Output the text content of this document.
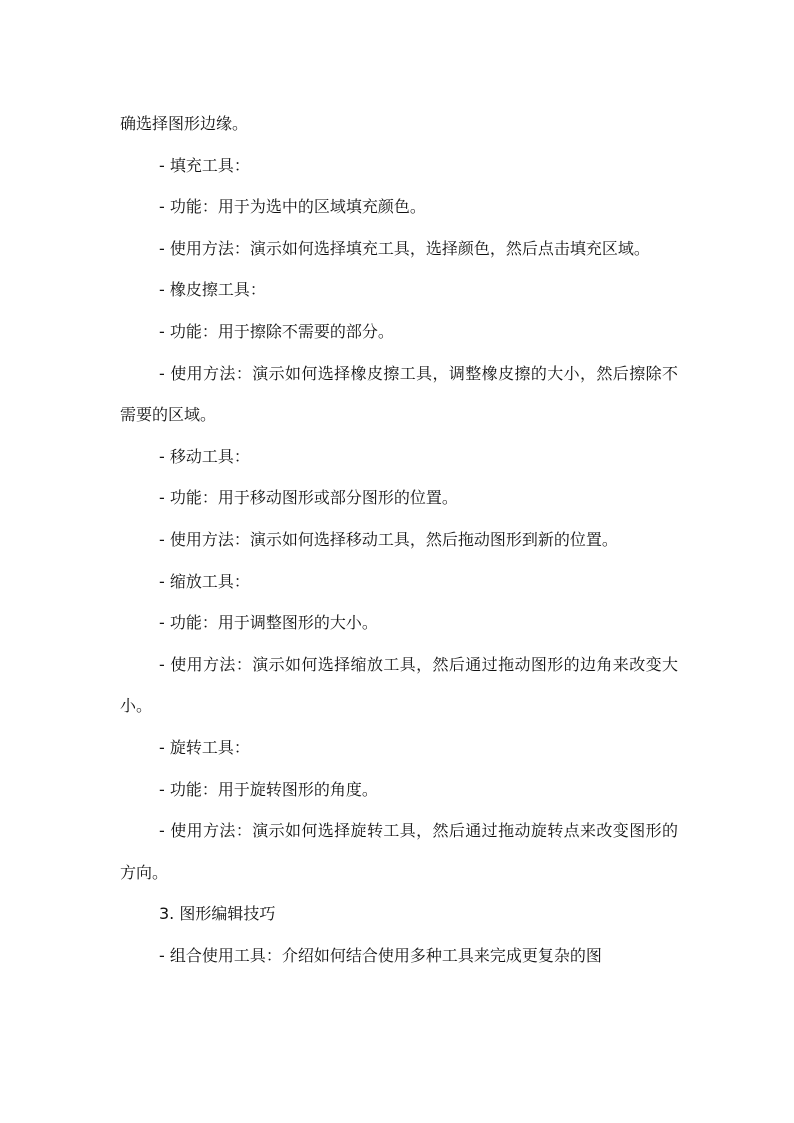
确选择图形边缘。

- 填充工具：

- 功能：用于为选中的区域填充颜色。

- 使用方法：演示如何选择填充工具，选择颜色，然后点击填充区域。

- 橡皮擦工具：

- 功能：用于擦除不需要的部分。

- 使用方法：演示如何选择橡皮擦工具，调整橡皮擦的大小，然后擦除不需要的区域。

- 移动工具：

- 功能：用于移动图形或部分图形的位置。

- 使用方法：演示如何选择移动工具，然后拖动图形到新的位置。

- 缩放工具：

- 功能：用于调整图形的大小。

- 使用方法：演示如何选择缩放工具，然后通过拖动图形的边角来改变大小。

- 旋转工具：

- 功能：用于旋转图形的角度。

- 使用方法：演示如何选择旋转工具，然后通过拖动旋转点来改变图形的方向。

3. 图形编辑技巧

- 组合使用工具：介绍如何结合使用多种工具来完成更复杂的图
